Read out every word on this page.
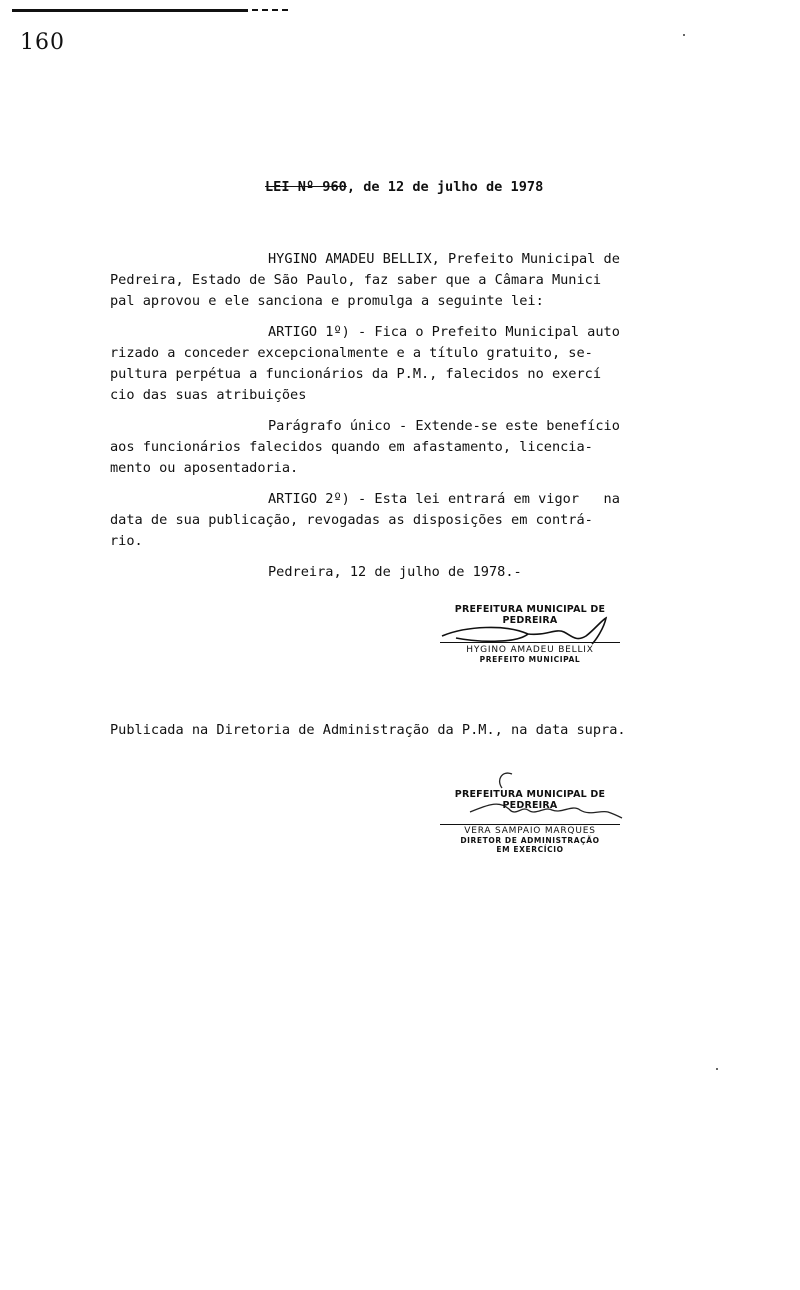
160
LEI Nº 960, de 12 de julho de 1978
HYGINO AMADEU BELLIX, Prefeito Municipal de
Pedreira, Estado de São Paulo, faz saber que a Câmara Munici
pal aprovou e ele sanciona e promulga a seguinte lei:
ARTIGO 1º) - Fica o Prefeito Municipal auto
rizado a conceder excepcionalmente e a título gratuito, se-
pultura perpétua a funcionários da P.M., falecidos no exercí
cio das suas atribuições
Parágrafo único - Extende-se este benefício
aos funcionários falecidos quando em afastamento, licencia-
mento ou aposentadoria.
ARTIGO 2º) - Esta lei entrará em vigor   na
data de sua publicação, revogadas as disposições em contrá-
rio.
Pedreira, 12 de julho de 1978.-
PREFEITURA MUNICIPAL DE PEDREIRA
HYGINO AMADEU BELLIX
PREFEITO MUNICIPAL
Publicada na Diretoria de Administração da P.M., na data supra.
PREFEITURA MUNICIPAL DE PEDREIRA
VERA SAMPAIO MARQUES
DIRETOR DE ADMINISTRAÇÃO
EM EXERCÍCIO
